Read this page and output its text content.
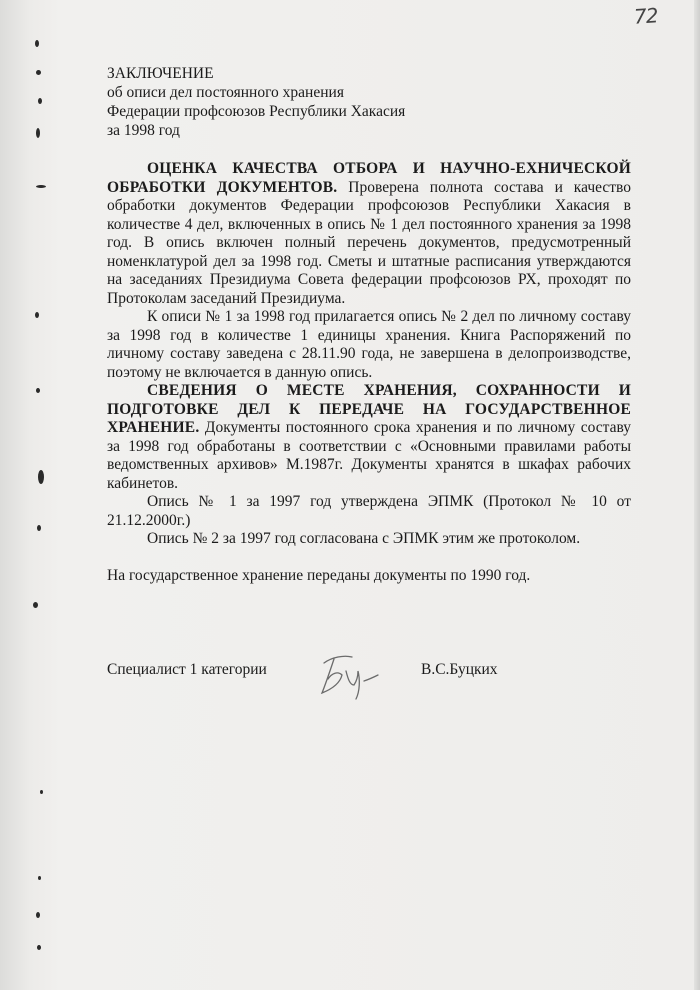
72
ЗАКЛЮЧЕНИЕ
об описи дел постоянного хранения
Федерации профсоюзов Республики Хакасия
за 1998 год

ОЦЕНКА КАЧЕСТВА ОТБОРА И НАУЧНО-ЕХНИЧЕСКОЙ ОБРАБОТКИ ДОКУМЕНТОВ. Проверена полнота состава и качество обработки документов Федерации профсоюзов Республики Хакасия в количестве 4 дел, включенных в опись № 1 дел постоянного хранения за 1998 год. В опись включен полный перечень документов, предусмотренный номенклатурой дел за 1998 год. Сметы и штатные расписания утверждаются на заседаниях Президиума Совета федерации профсоюзов РХ, проходят по Протоколам заседаний Президиума.

К описи № 1 за 1998 год прилагается опись № 2 дел по личному составу за 1998 год в количестве 1 единицы хранения. Книга Распоряжений по личному составу заведена с 28.11.90 года, не завершена в делопроизводстве, поэтому не включается в данную опись.

СВЕДЕНИЯ О МЕСТЕ ХРАНЕНИЯ, СОХРАННОСТИ И ПОДГОТОВКЕ ДЕЛ К ПЕРЕДАЧЕ НА ГОСУДАРСТВЕННОЕ ХРАНЕНИЕ. Документы постоянного срока хранения и по личному составу за 1998 год обработаны в соответствии с «Основными правилами работы ведомственных архивов» М.1987г. Документы хранятся в шкафах рабочих кабинетов.

Опись № 1 за 1997 год утверждена ЭПМК (Протокол № 10 от 21.12.2000г.)

Опись № 2 за 1997 год согласована с ЭПМК этим же протоколом.

На государственное хранение переданы документы по 1990 год.

Специалист 1 категории	В.С.Буцких
